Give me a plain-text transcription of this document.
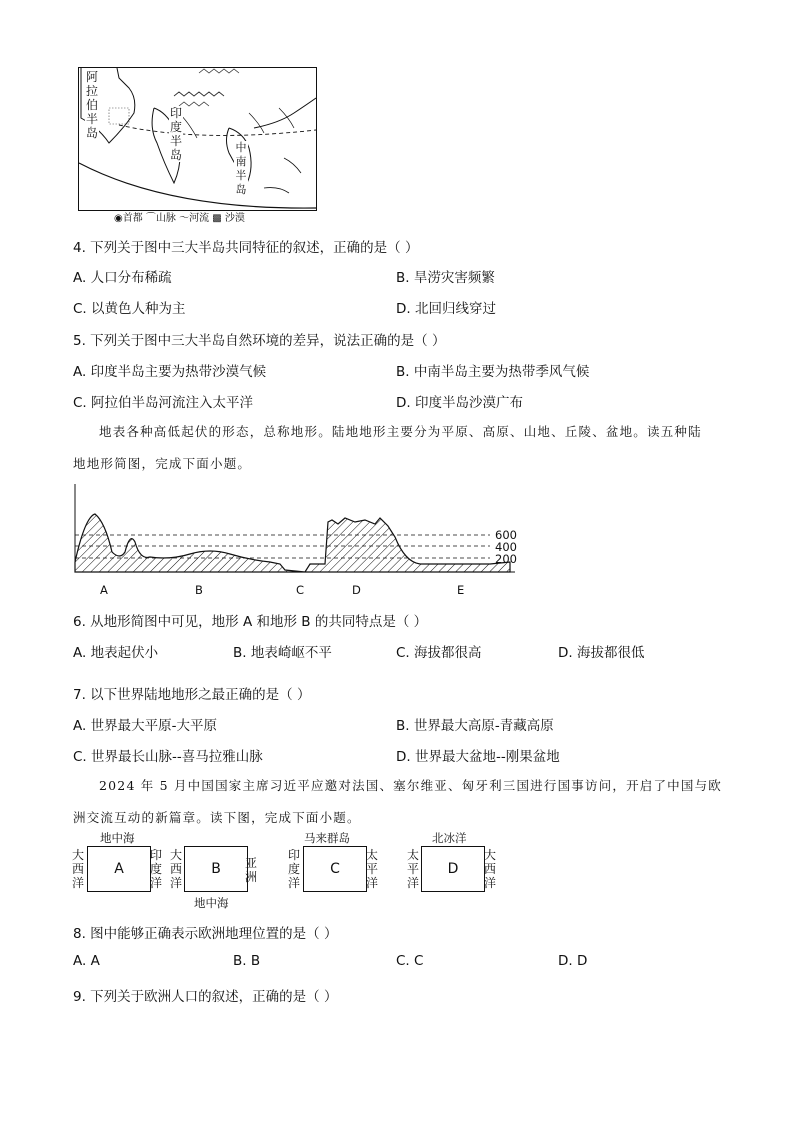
阿拉伯半岛
印度半岛
中南半岛
◉首都 ⌒山脉 〜河流 ▩ 沙漠
4. 下列关于图中三大半岛共同特征的叙述，正确的是（ ）
A. 人口分布稀疏	B. 旱涝灾害频繁
C. 以黄色人种为主	D. 北回归线穿过
5. 下列关于图中三大半岛自然环境的差异，说法正确的是（ ）
A. 印度半岛主要为热带沙漠气候	B. 中南半岛主要为热带季风气候
C. 阿拉伯半岛河流注入太平洋	D. 印度半岛沙漠广布
地表各种高低起伏的形态，总称地形。陆地地形主要分为平原、高原、山地、丘陵、盆地。读五种陆
地地形简图，完成下面小题。
600
400
200
A	B	C	D	E
6. 从地形简图中可见，地形 A 和地形 B 的共同特点是（ ）
A. 地表起伏小	B. 地表崎岖不平	C. 海拔都很高	D. 海拔都很低
7. 以下世界陆地地形之最正确的是（ ）
A. 世界最大平原-大平原	B. 世界最大高原-青藏高原
C. 世界最长山脉--喜马拉雅山脉	D. 世界最大盆地--刚果盆地
2024 年 5 月中国国家主席习近平应邀对法国、塞尔维亚、匈牙利三国进行国事访问，开启了中国与欧
洲交流互动的新篇章。读下图，完成下面小题。
地中海
大西洋
A
印度洋
大西洋
B	亚洲
地中海
马来群岛
印度洋
C
太平洋
北冰洋
太平洋
D
大西洋
8. 图中能够正确表示欧洲地理位置的是（ ）
A. A	B. B	C. C	D. D
9. 下列关于欧洲人口的叙述，正确的是（ ）
